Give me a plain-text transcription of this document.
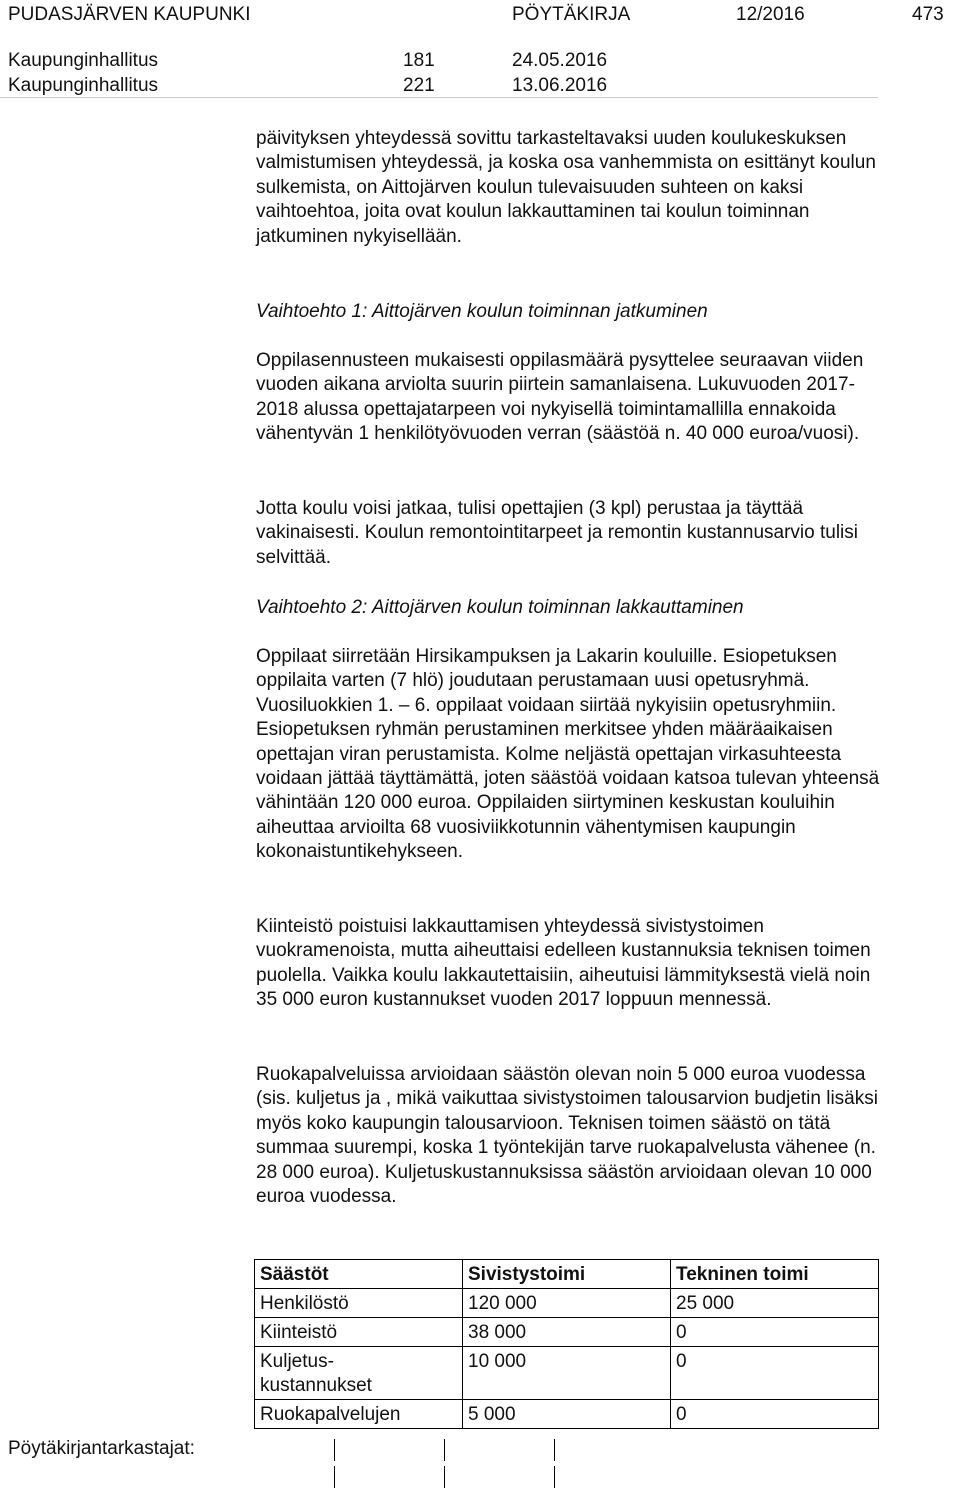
PUDASJÄRVEN KAUPUNKI	PÖYTÄKIRJA	12/2016	473
Kaupunginhallitus	181	24.05.2016
Kaupunginhallitus	221	13.06.2016

päivityksen yhteydessä sovittu tarkasteltavaksi uuden koulukeskuksen valmistumisen yhteydessä, ja koska osa vanhemmista on esittänyt koulun sulkemista, on Aittojärven koulun tulevaisuuden suhteen on kaksi vaihtoehtoa, joita ovat koulun lakkauttaminen tai koulun toiminnan jatkuminen nykyisellään.

Vaihtoehto 1: Aittojärven koulun toiminnan jatkuminen

Oppilasennusteen mukaisesti oppilasmäärä pysyttelee seuraavan viiden vuoden aikana arviolta suurin piirtein samanlaisena. Lukuvuoden 2017-2018 alussa opettajatarpeen voi nykyisellä toimintamallilla ennakoida vähentyvän 1 henkilötyövuoden verran (säästöä n. 40 000 euroa/vuosi).

Jotta koulu voisi jatkaa, tulisi opettajien (3 kpl) perustaa ja täyttää vakinaisesti. Koulun remontointitarpeet ja remontin kustannusarvio tulisi selvittää.

Vaihtoehto 2: Aittojärven koulun toiminnan lakkauttaminen

Oppilaat siirretään Hirsikampuksen ja Lakarin kouluille. Esiopetuksen oppilaita varten (7 hlö) joudutaan perustamaan uusi opetusryhmä. Vuosiluokkien 1. – 6. oppilaat voidaan siirtää nykyisiin opetusryhmiin. Esiopetuksen ryhmän perustaminen merkitsee yhden määräaikaisen opettajan viran perustamista. Kolme neljästä opettajan virkasuhteesta voidaan jättää täyttämättä, joten säästöä voidaan katsoa tulevan yhteensä vähintään 120 000 euroa. Oppilaiden siirtyminen keskustan kouluihin aiheuttaa arvioilta 68 vuosiviikkotunnin vähentymisen kaupungin kokonaistuntikehykseen.

Kiinteistö poistuisi lakkauttamisen yhteydessä sivistystoimen vuokramenoista, mutta aiheuttaisi edelleen kustannuksia teknisen toimen puolella. Vaikka koulu lakkautettaisiin, aiheutuisi lämmityksestä vielä noin 35 000 euron kustannukset vuoden 2017 loppuun mennessä.

Ruokapalveluissa arvioidaan säästön olevan noin 5 000 euroa vuodessa (sis. kuljetus ja , mikä vaikuttaa sivistystoimen talousarvion budjetin lisäksi myös koko kaupungin talousarvioon. Teknisen toimen säästö on tätä summaa suurempi, koska 1 työntekijän tarve ruokapalvelusta vähenee (n. 28 000 euroa). Kuljetuskustannuksissa säästön arvioidaan olevan 10 000 euroa vuodessa.

Säästöt	Sivistystoimi	Tekninen toimi
Henkilöstö	120 000	25 000
Kiinteistö	38 000	0
Kuljetus-
kustannukset	10 000	0
Ruokapalvelujen	5 000	0
Pöytäkirjantarkastajat:
